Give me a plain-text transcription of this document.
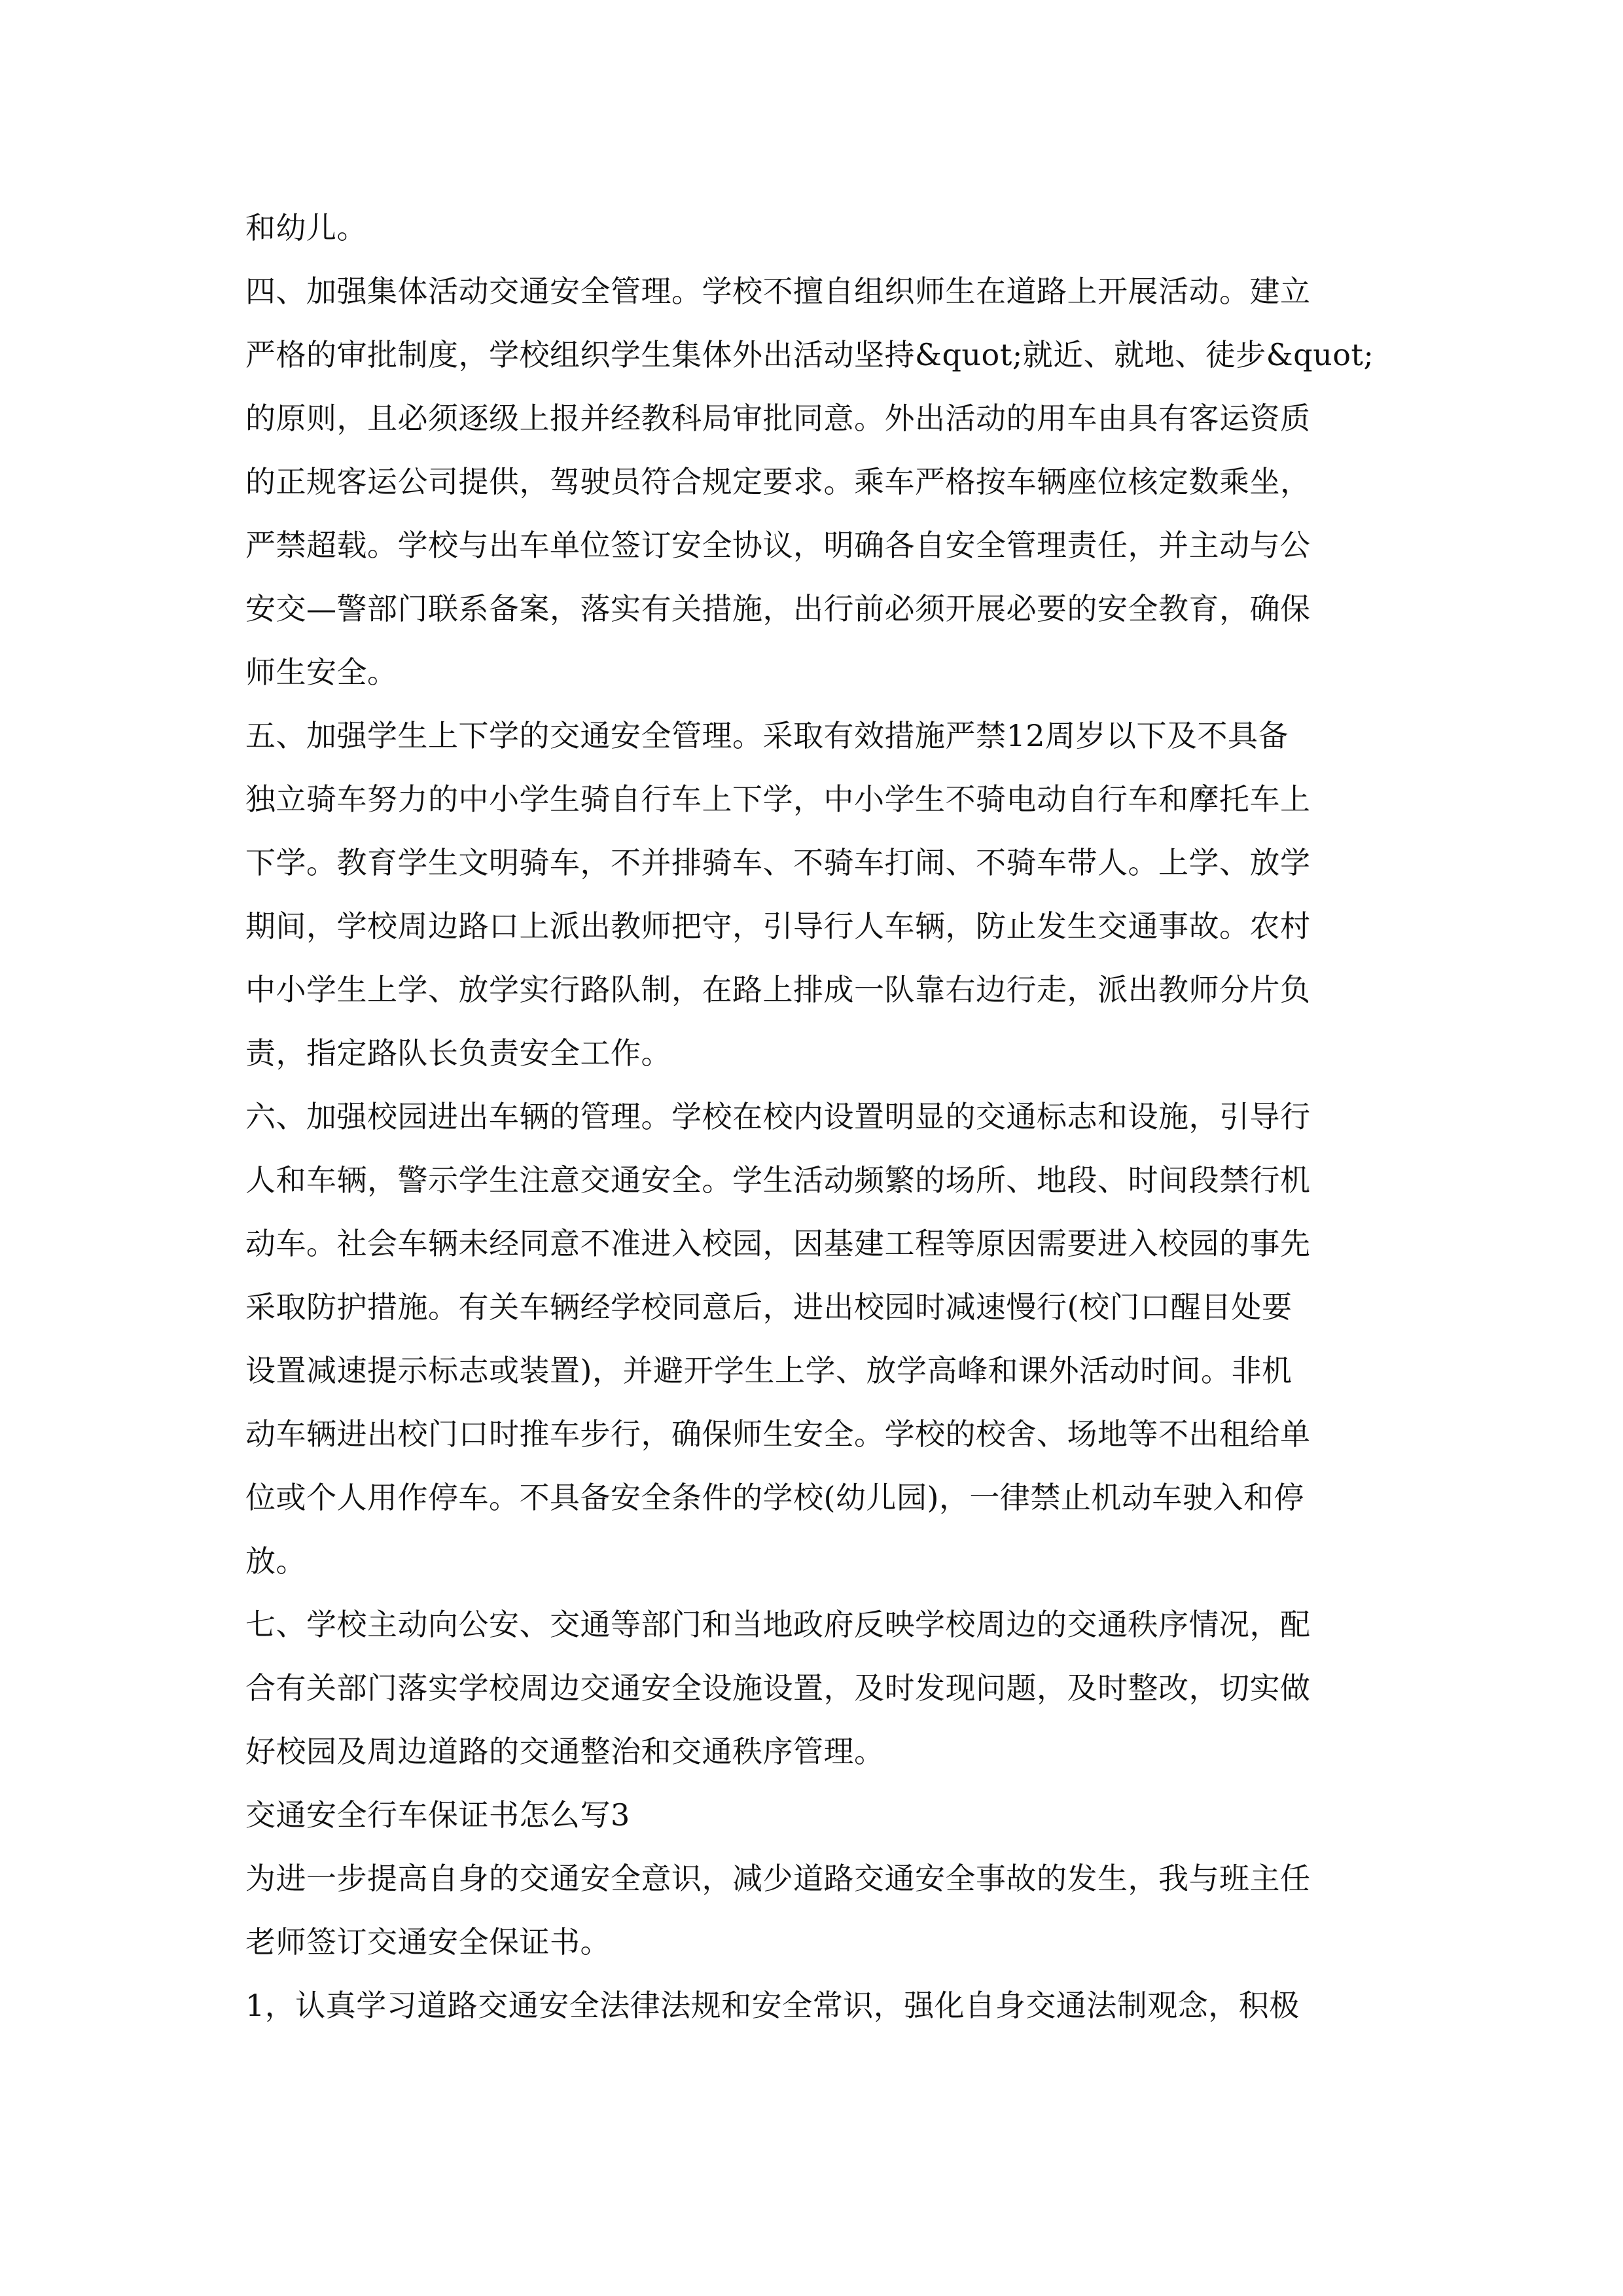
和幼儿。
四、加强集体活动交通安全管理。学校不擅自组织师生在道路上开展活动。建立
严格的审批制度，学校组织学生集体外出活动坚持&quot;就近、就地、徒步&quot;
的原则，且必须逐级上报并经教科局审批同意。外出活动的用车由具有客运资质
的正规客运公司提供，驾驶员符合规定要求。乘车严格按车辆座位核定数乘坐，
严禁超载。学校与出车单位签订安全协议，明确各自安全管理责任，并主动与公
安交—警部门联系备案，落实有关措施，出行前必须开展必要的安全教育，确保
师生安全。
五、加强学生上下学的交通安全管理。采取有效措施严禁12周岁以下及不具备
独立骑车努力的中小学生骑自行车上下学，中小学生不骑电动自行车和摩托车上
下学。教育学生文明骑车，不并排骑车、不骑车打闹、不骑车带人。上学、放学
期间，学校周边路口上派出教师把守，引导行人车辆，防止发生交通事故。农村
中小学生上学、放学实行路队制，在路上排成一队靠右边行走，派出教师分片负
责，指定路队长负责安全工作。
六、加强校园进出车辆的管理。学校在校内设置明显的交通标志和设施，引导行
人和车辆，警示学生注意交通安全。学生活动频繁的场所、地段、时间段禁行机
动车。社会车辆未经同意不准进入校园，因基建工程等原因需要进入校园的事先
采取防护措施。有关车辆经学校同意后，进出校园时减速慢行(校门口醒目处要
设置减速提示标志或装置)，并避开学生上学、放学高峰和课外活动时间。非机
动车辆进出校门口时推车步行，确保师生安全。学校的校舍、场地等不出租给单
位或个人用作停车。不具备安全条件的学校(幼儿园)，一律禁止机动车驶入和停
放。
七、学校主动向公安、交通等部门和当地政府反映学校周边的交通秩序情况，配
合有关部门落实学校周边交通安全设施设置，及时发现问题，及时整改，切实做
好校园及周边道路的交通整治和交通秩序管理。
交通安全行车保证书怎么写3
为进一步提高自身的交通安全意识，减少道路交通安全事故的发生，我与班主任
老师签订交通安全保证书。
1，认真学习道路交通安全法律法规和安全常识，强化自身交通法制观念，积极
